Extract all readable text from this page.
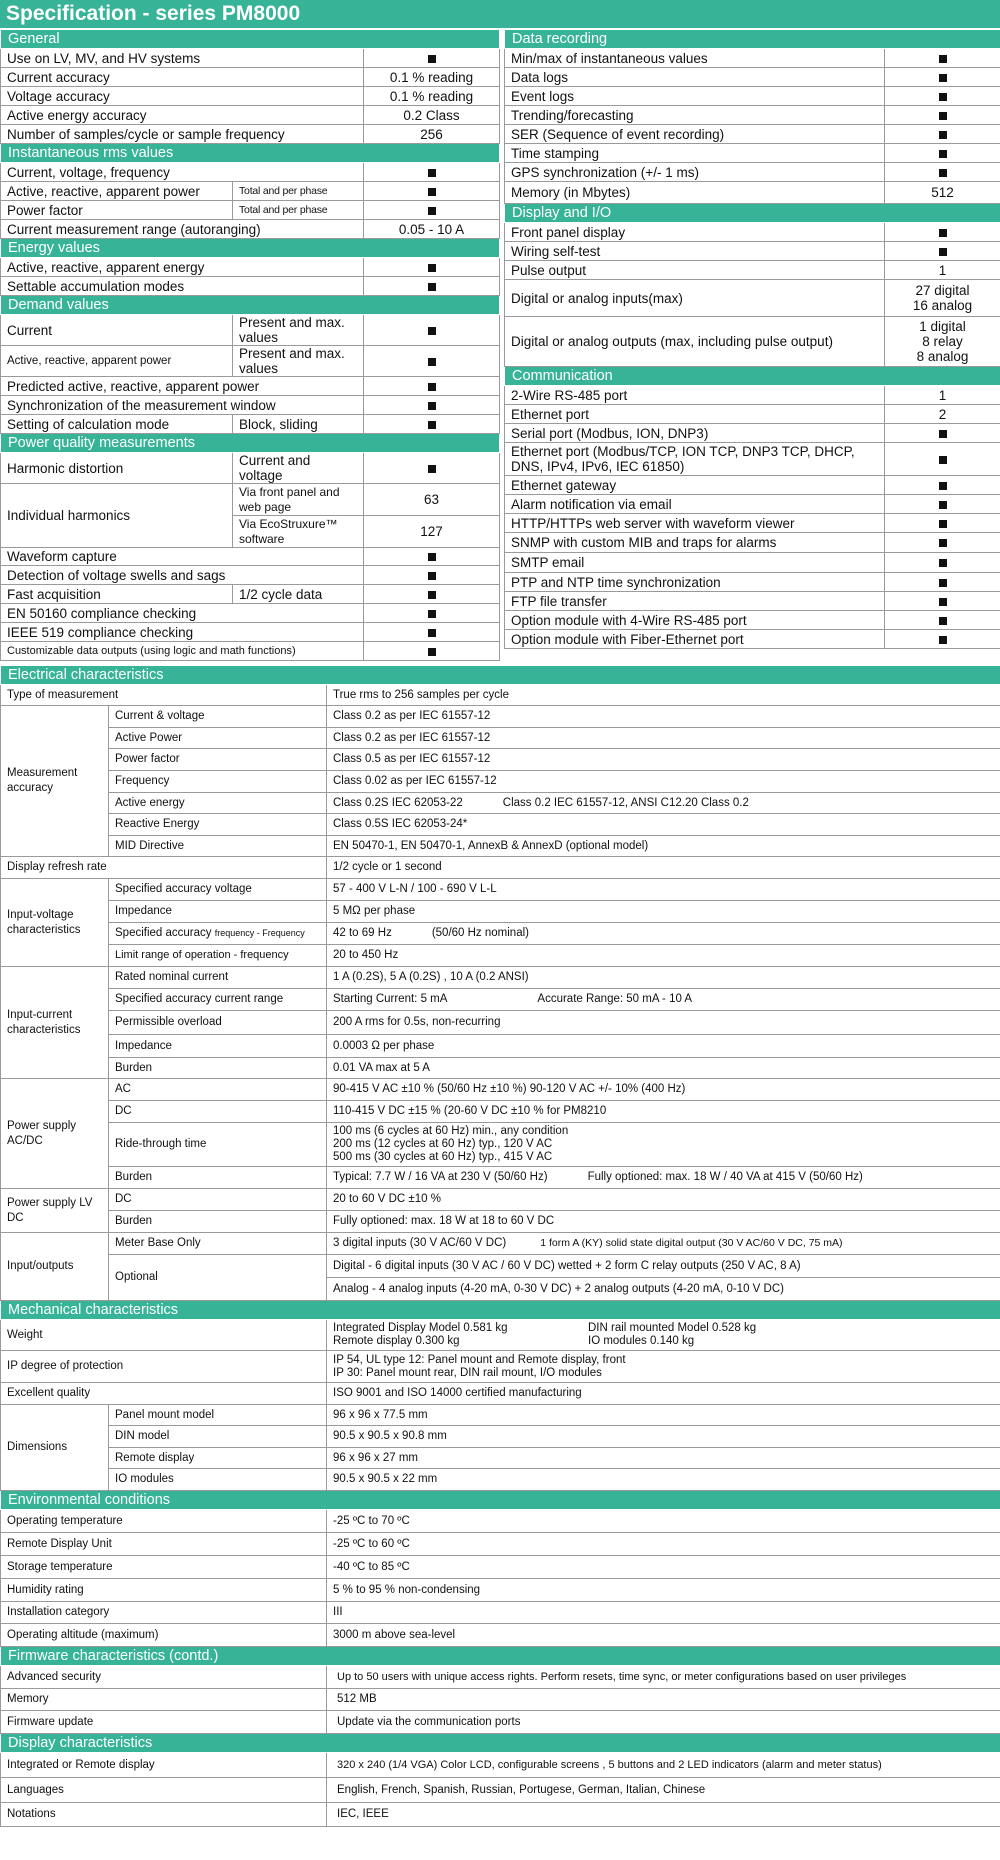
Specification - series PM8000
General		
Use on LV, MV, and HV systems		
Current accuracy		0.1 % reading
Voltage accuracy		0.1 % reading
Active energy accuracy		0.2 Class
Number of samples/cycle or sample frequency		256
Instantaneous rms values		
Current, voltage, frequency		
Active, reactive, apparent power	Total and per phase	
Power factor	Total and per phase	
Current measurement range (autoranging)		0.05 - 10 A
Energy values		
Active, reactive, apparent energy		
Settable accumulation modes		
Demand values		
Current	Present and max. values	
Active, reactive, apparent power	Present and max. values	
Predicted active, reactive, apparent power		
Synchronization of the measurement window		
Setting of calculation mode	Block, sliding	
Power quality measurements		
Harmonic distortion	Current and voltage	
Individual harmonics	Via front panel and web page	63
	Via EcoStruxure™ software	127
Waveform capture		
Detection of voltage swells and sags		
Fast acquisition	1/2 cycle data	
EN 50160 compliance checking		
IEEE 519 compliance checking		
Customizable data outputs (using logic and math functions)		
Data recording	
Min/max of instantaneous values	
Data logs	
Event logs	
Trending/forecasting	
SER (Sequence of event recording)	
Time stamping	
GPS synchronization (+/- 1 ms)	
Memory (in Mbytes)	512
Display and I/O	
Front panel display	
Wiring self-test	
Pulse output	1
Digital or analog inputs(max)	27 digital
16 analog

Digital or analog outputs (max, including pulse output)	1 digital
8 relay
8 analog

Communication	
2-Wire RS-485 port	1
Ethernet port	2
Serial port (Modbus, ION, DNP3)	
Ethernet port (Modbus/TCP, ION TCP, DNP3 TCP, DHCP, DNS, IPv4, IPv6, IEC 61850)	
Ethernet gateway	
Alarm notification via email	
HTTP/HTTPs web server with waveform viewer	
SNMP with custom MIB and traps for alarms	
SMTP email	
PTP and NTP time synchronization	
FTP file transfer	
Option module with 4-Wire RS-485 port	
Option module with Fiber-Ethernet port	
Electrical characteristics		
Type of measurement		True rms to 256 samples per cycle
Measurement accuracy	Current & voltage	Class 0.2 as per IEC 61557-12
	Active Power	Class 0.2 as per IEC 61557-12
	Power factor	Class 0.5 as per IEC 61557-12
	Frequency	Class 0.02 as per IEC 61557-12
	Active energy	Class 0.2S IEC 62053-22 Class 0.2 IEC 61557-12, ANSI C12.20 Class 0.2
	Reactive Energy	Class 0.5S IEC 62053-24*
	MID Directive	EN 50470-1, EN 50470-1, AnnexB & AnnexD (optional model)
Display refresh rate		1/2 cycle or 1 second
Input-voltage characteristics	Specified accuracy voltage	57 - 400 V L-N / 100 - 690 V L-L
	Impedance	5 MΩ per phase
	Specified accuracy frequency - Frequency	42 to 69 Hz (50/60 Hz nominal)
	Limit range of operation - frequency	20 to 450 Hz
Input-current characteristics	Rated nominal current	1 A (0.2S), 5 A (0.2S) , 10 A (0.2 ANSI)
	Specified accuracy current range	Starting Current: 5 mA Accurate Range: 50 mA - 10 A
	Permissible overload	200 A rms for 0.5s, non-recurring
	Impedance	0.0003 Ω per phase
	Burden	0.01 VA max at 5 A
Power supply AC/DC	AC	90-415 V AC ±10 % (50/60 Hz ±10 %) 90-120 V AC +/- 10% (400 Hz)
	DC	110-415 V DC ±15 % (20-60 V DC ±10 % for PM8210
	Ride-through time	100 ms (6 cycles at 60 Hz) min., any condition
200 ms (12 cycles at 60 Hz) typ., 120 V AC
500 ms (30 cycles at 60 Hz) typ., 415 V AC

	Burden	Typical: 7.7 W / 16 VA at 230 V (50/60 Hz) Fully optioned: max. 18 W / 40 VA at 415 V (50/60 Hz)
Power supply LV DC	DC	20 to 60 V DC ±10 %
	Burden	Fully optioned: max. 18 W at 18 to 60 V DC
Input/outputs	Meter Base Only	3 digital inputs (30 V AC/60 V DC) 1 form A (KY) solid state digital output (30 V AC/60 V DC, 75 mA)
	Optional	Digital - 6 digital inputs (30 V AC / 60 V DC) wetted + 2 form C relay outputs (250 V AC, 8 A)
		Analog - 4 analog inputs (4-20 mA, 0-30 V DC) + 2 analog outputs (4-20 mA, 0-10 V DC)
Mechanical characteristics		
Weight		Integrated Display Model 0.581 kg
Remote display 0.300 kg
DIN rail mounted Model 0.528 kg
IO modules 0.140 kg

IP degree of protection		IP 54, UL type 12: Panel mount and Remote display, front
IP 30: Panel mount rear, DIN rail mount, I/O modules

Excellent quality		ISO 9001 and ISO 14000 certified manufacturing
Dimensions	Panel mount model	96 x 96 x 77.5 mm
	DIN model	90.5 x 90.5 x 90.8 mm
	Remote display	96 x 96 x 27 mm
	IO modules	90.5 x 90.5 x 22 mm
Environmental conditions		
Operating temperature		-25 ºC to 70 ºC
Remote Display Unit		-25 ºC to 60 ºC
Storage temperature		-40 ºC to 85 ºC
Humidity rating		5 % to 95 % non-condensing
Installation category		III
Operating altitude (maximum)		3000 m above sea-level
Firmware characteristics (contd.)		
Advanced security		Up to 50 users with unique access rights. Perform resets, time sync, or meter configurations based on user privileges
Memory		512 MB
Firmware update		Update via the communication ports
Display characteristics		
Integrated or Remote display		320 x 240 (1/4 VGA) Color LCD, configurable screens , 5 buttons and 2 LED indicators (alarm and meter status)
Languages		English, French, Spanish, Russian, Portugese, German, Italian, Chinese
Notations		IEC, IEEE
